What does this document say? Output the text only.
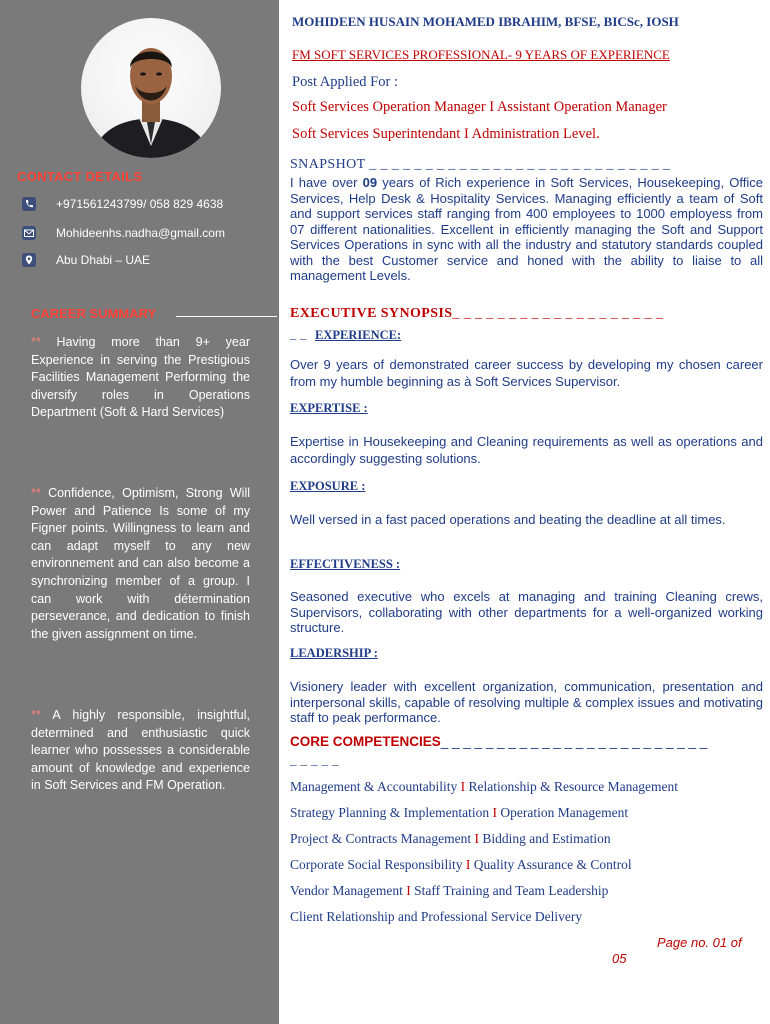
CONTACT DETAILS
+971561243799/ 058 829 4638
Mohideenhs.nadha@gmail.com
Abu Dhabi – UAE
CAREER SUMMARY
** Having more than 9+ year Experience in serving the Prestigious Facilities Management Performing the diversify roles in Operations Department (Soft & Hard Services)
** Confidence, Optimism, Strong Will Power and Patience Is some of my Figner points. Willingness to learn and can adapt myself to any new environnement and can also become a synchronizing member of a group. I can work with détermination perseverance, and dedication to finish the given assignment on time.
** A highly responsible, insightful, determined and enthusiastic quick learner who possesses a considerable amount of knowledge and experience in Soft Services and FM Operation.
MOHIDEEN HUSAIN MOHAMED IBRAHIM, BFSE, BICSc, IOSH
FM SOFT SERVICES PROFESSIONAL- 9 YEARS OF EXPERIENCE
Post Applied For :
Soft Services Operation Manager I Assistant Operation Manager
Soft Services Superintendant I Administration Level.
SNAPSHOT _ _ _ _ _ _ _ _ _ _ _ _ _ _ _ _ _ _ _ _ _ _ _ _ _ _ _
I have over 09 years of Rich experience in Soft Services, Housekeeping, Office Services, Help Desk & Hospitality Services. Managing efficiently a team of Soft and support services staff ranging from 400 employees to 1000 employess from 07 different nationalities. Excellent in efficiently managing the Soft and Support Services Operations in sync with all the industry and statutory standards coupled with the best Customer service and honed with the ability to liaise to all management Levels.
EXECUTIVE SYNOPSIS_ _ _ _ _ _ _ _ _ _ _ _ _ _ _ _ _ _ _
_ _ EXPERIENCE:
Over 9 years of demonstrated career success by developing my chosen career from my humble beginning as à Soft Services Supervisor.
EXPERTISE :
Expertise in Housekeeping and Cleaning requirements as well as operations and accordingly suggesting solutions.
EXPOSURE :
Well versed in a fast paced operations and beating the deadline at all times.
EFFECTIVENESS :
Seasoned executive who excels at managing and training Cleaning crews, Supervisors, collaborating with other departments for a well-organized working structure.
LEADERSHIP :
Visionery leader with excellent organization, communication, presentation and interpersonal skills, capable of resolving multiple & complex issues and motivating staff to peak performance.
CORE COMPETENCIES_ _ _ _ _ _ _ _ _ _ _ _ _ _ _ _ _ _ _ _ _ _ _ _
_ _ _ _ _
Management & Accountability I Relationship & Resource Management
Strategy Planning & Implementation I Operation Management
Project & Contracts Management I Bidding and Estimation
Corporate Social Responsibility I Quality Assurance & Control
Vendor Management I Staff Training and Team Leadership
Client Relationship and Professional Service Delivery
Page no. 01 of
05
